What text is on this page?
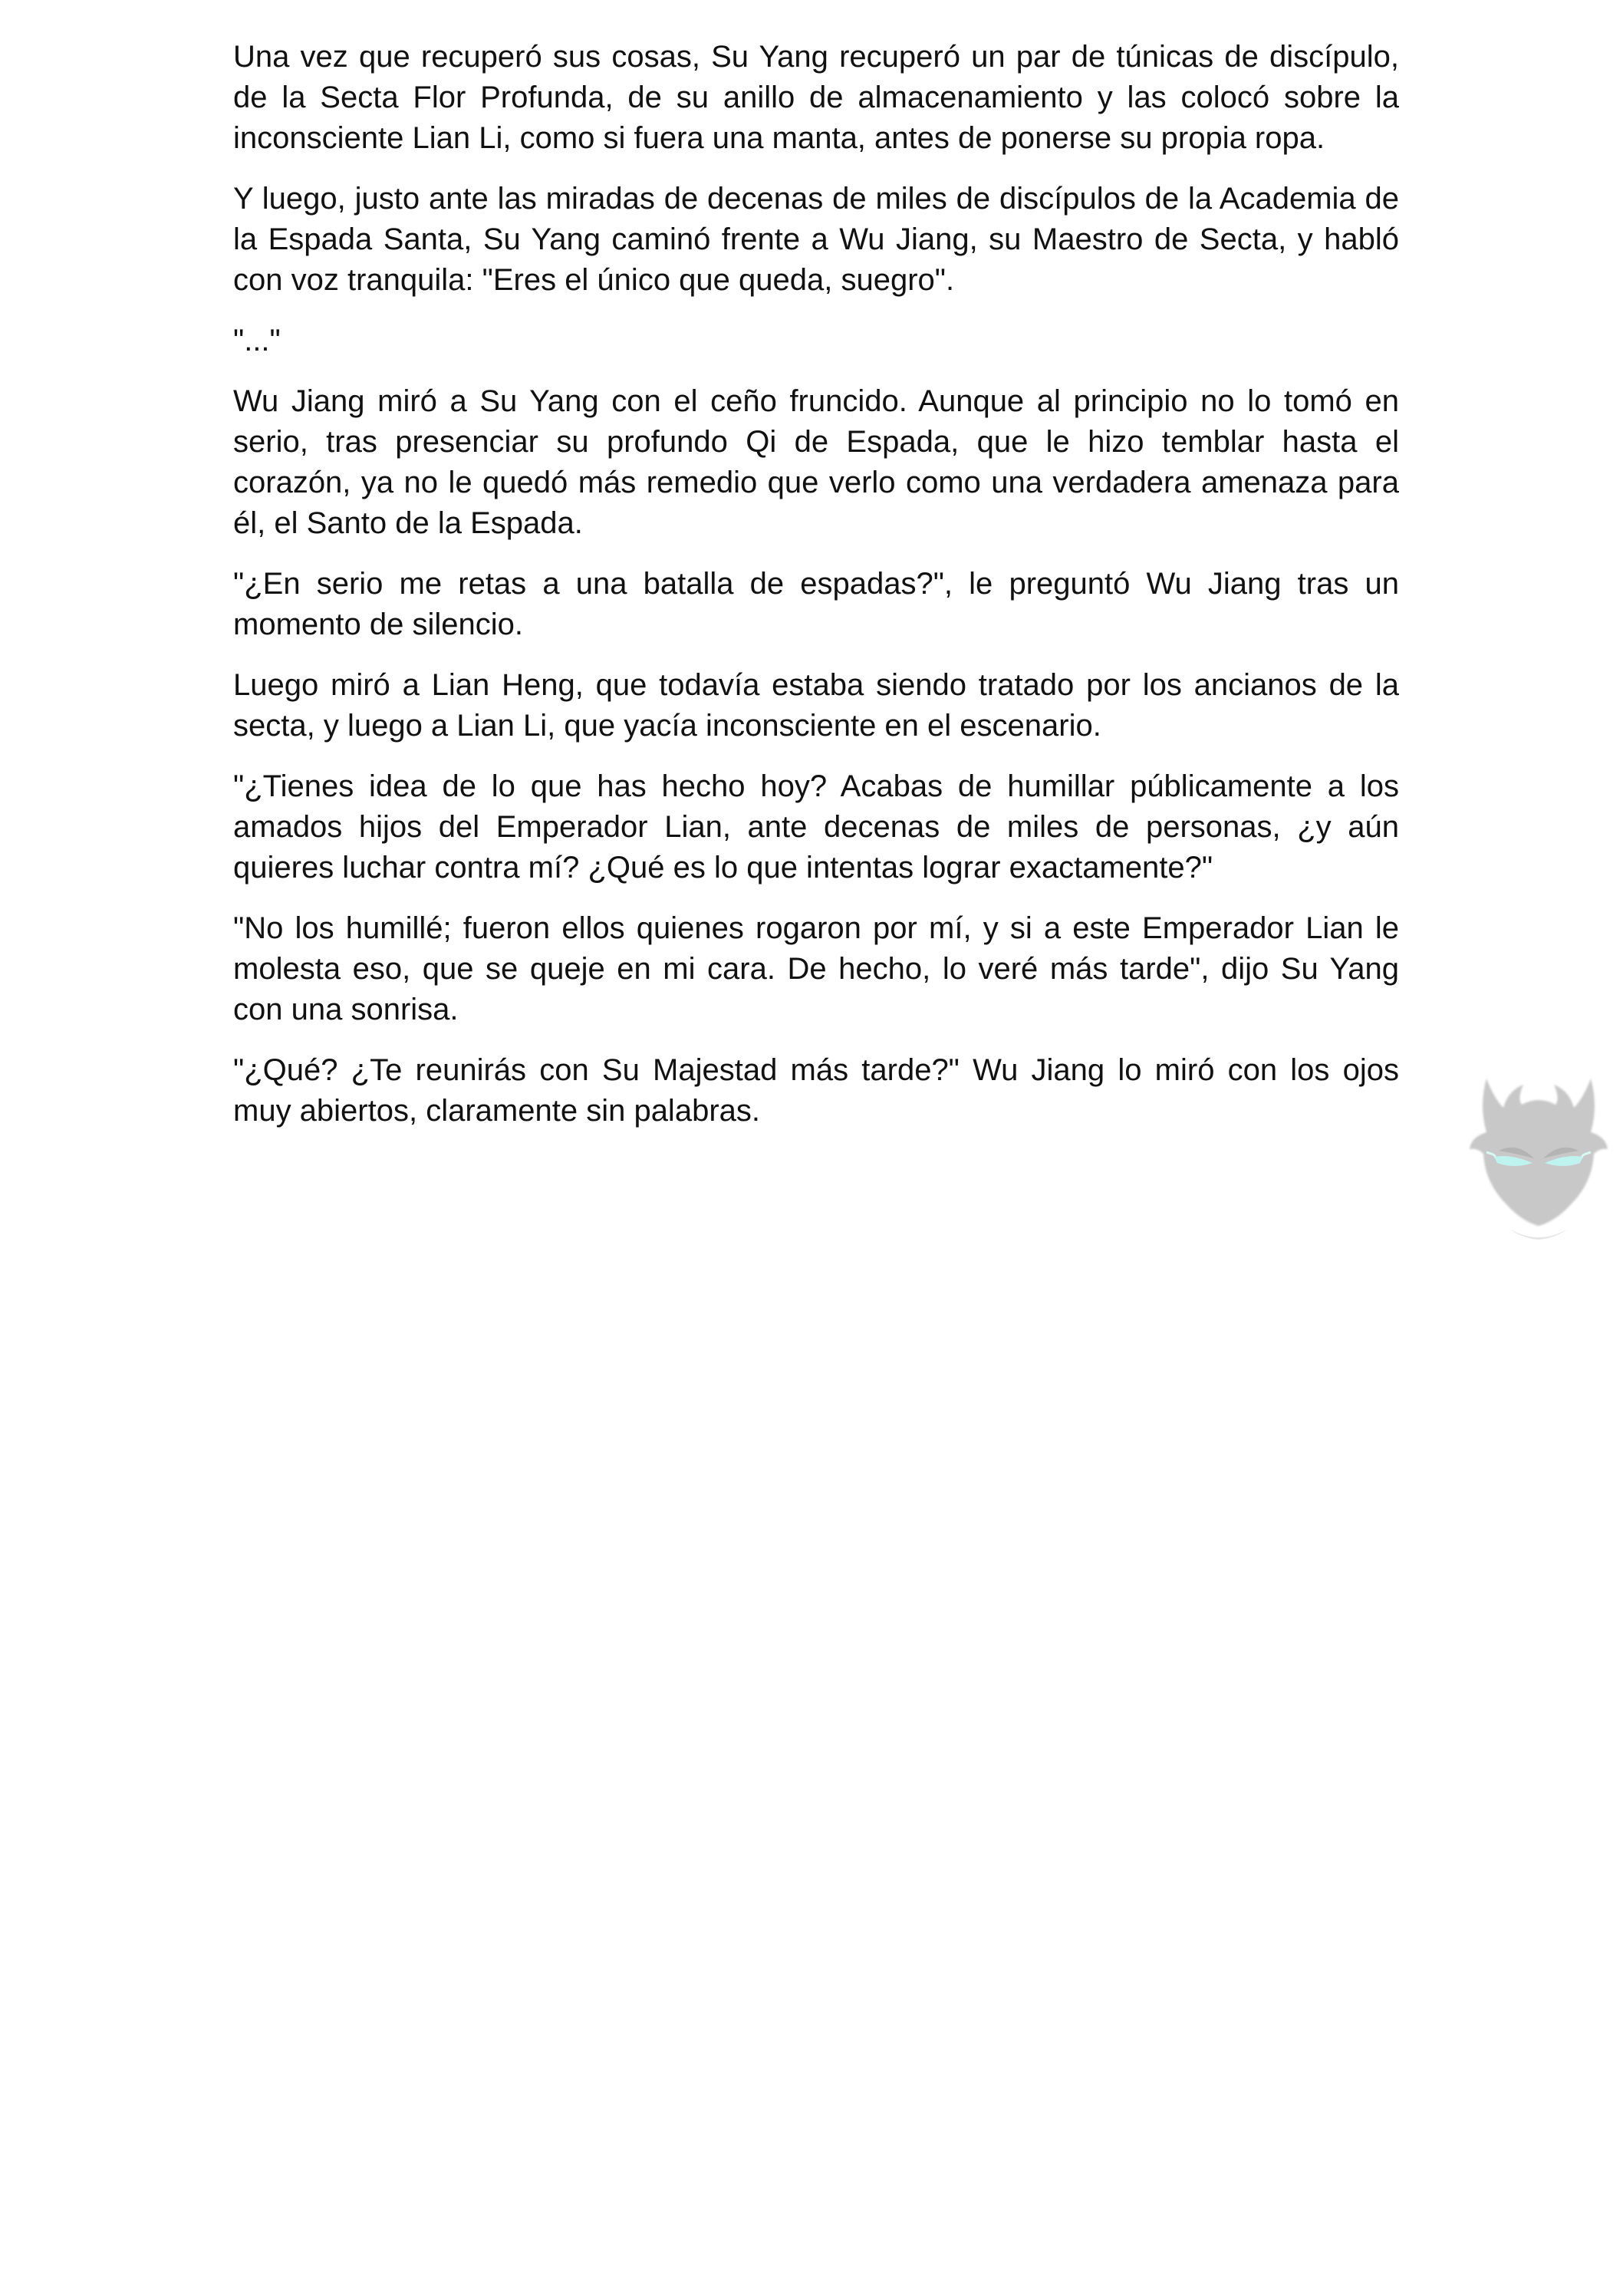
Una vez que recuperó sus cosas, Su Yang recuperó un par de túnicas de discípulo, de la Secta Flor Profunda, de su anillo de almacenamiento y las colocó sobre la inconsciente Lian Li, como si fuera una manta, antes de ponerse su propia ropa.

Y luego, justo ante las miradas de decenas de miles de discípulos de la Academia de la Espada Santa, Su Yang caminó frente a Wu Jiang, su Maestro de Secta, y habló con voz tranquila: "Eres el único que queda, suegro".

"..."

Wu Jiang miró a Su Yang con el ceño fruncido. Aunque al principio no lo tomó en serio, tras presenciar su profundo Qi de Espada, que le hizo temblar hasta el corazón, ya no le quedó más remedio que verlo como una verdadera amenaza para él, el Santo de la Espada.

"¿En serio me retas a una batalla de espadas?", le preguntó Wu Jiang tras un momento de silencio.

Luego miró a Lian Heng, que todavía estaba siendo tratado por los ancianos de la secta, y luego a Lian Li, que yacía inconsciente en el escenario.

"¿Tienes idea de lo que has hecho hoy? Acabas de humillar públicamente a los amados hijos del Emperador Lian, ante decenas de miles de personas, ¿y aún quieres luchar contra mí? ¿Qué es lo que intentas lograr exactamente?"

"No los humillé; fueron ellos quienes rogaron por mí, y si a este Emperador Lian le molesta eso, que se queje en mi cara. De hecho, lo veré más tarde", dijo Su Yang con una sonrisa.

"¿Qué? ¿Te reunirás con Su Majestad más tarde?" Wu Jiang lo miró con los ojos muy abiertos, claramente sin palabras.
